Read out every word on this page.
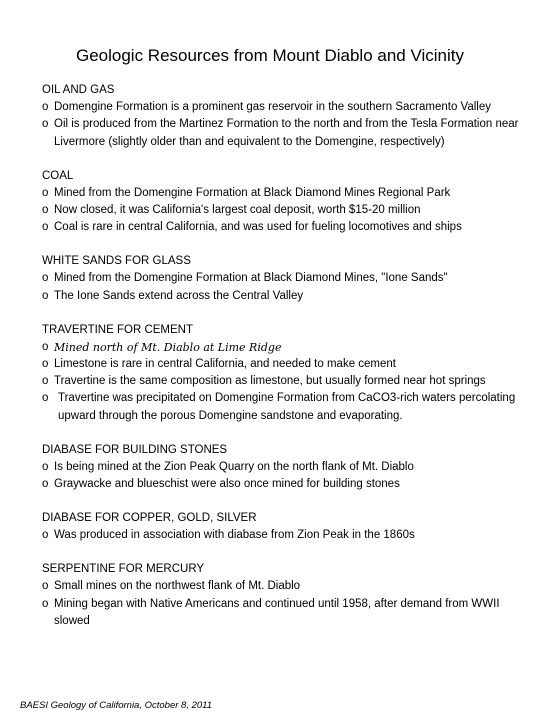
Geologic Resources from Mount Diablo and Vicinity
OIL AND GAS
o Domengine Formation is a prominent gas reservoir in the southern Sacramento Valley
o Oil is produced from the Martinez Formation to the north and from the Tesla Formation near Livermore (slightly older than and equivalent to the Domengine, respectively)
COAL
o Mined from the Domengine Formation at Black Diamond Mines Regional Park
o Now closed, it was California's largest coal deposit, worth $15-20 million
o Coal is rare in central California, and was used for fueling locomotives and ships
WHITE SANDS FOR GLASS
o Mined from the Domengine Formation at Black Diamond Mines, "Ione Sands"
o The Ione Sands extend across the Central Valley
TRAVERTINE FOR CEMENT
o Mined north of Mt. Diablo at Lime Ridge
o Limestone is rare in central California, and needed to make cement
o Travertine is the same composition as limestone, but usually formed near hot springs
o Travertine was precipitated on Domengine Formation from CaCO3-rich waters percolating upward through the porous Domengine sandstone and evaporating.
DIABASE FOR BUILDING STONES
o Is being mined at the Zion Peak Quarry on the north flank of Mt. Diablo
o Graywacke and blueschist were also once mined for building stones
DIABASE FOR COPPER, GOLD, SILVER
o Was produced in association with diabase from Zion Peak in the 1860s
SERPENTINE FOR MERCURY
o Small mines on the northwest flank of Mt. Diablo
o Mining began with Native Americans and continued until 1958, after demand from WWII slowed
BAESI Geology of California, October 8, 2011
